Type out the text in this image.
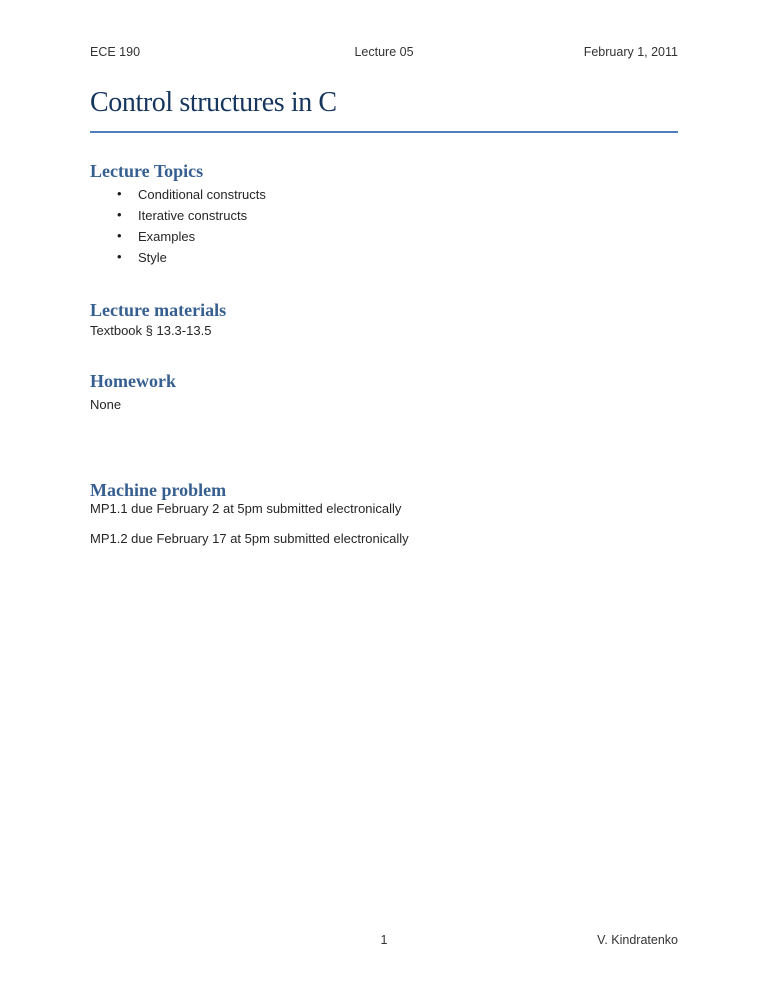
ECE 190	Lecture 05	February 1, 2011
Control structures in C
Lecture Topics
• Conditional constructs
• Iterative constructs
• Examples
• Style
Lecture materials

Textbook § 13.3-13.5

Homework

None

Machine problem

MP1.1 due February 2 at 5pm submitted electronically

MP1.2 due February 17 at 5pm submitted electronically

1	V. Kindratenko
